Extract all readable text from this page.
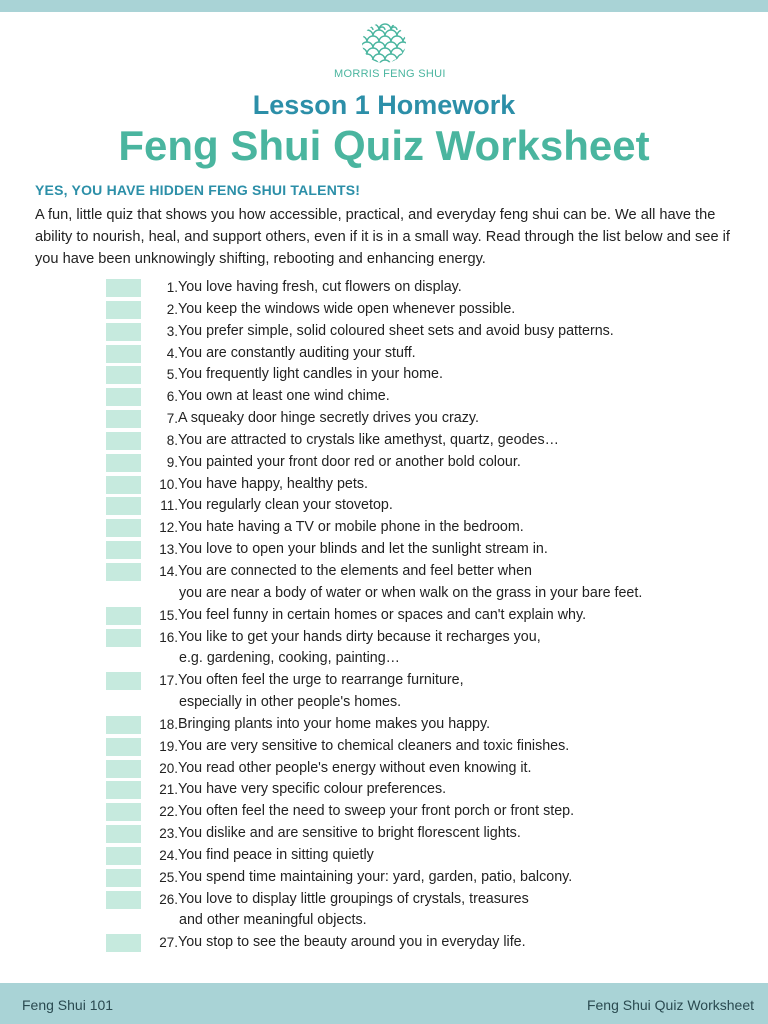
MORRIS FENG SHUI
Lesson 1 Homework
Feng Shui Quiz Worksheet
YES, YOU HAVE HIDDEN FENG SHUI TALENTS!
A fun, little quiz that shows you how accessible, practical, and everyday feng shui can be. We all have the ability to nourish, heal, and support others, even if it is in a small way. Read through the list below and see if you have been unknowingly shifting, rebooting and enhancing energy.
1. You love having fresh, cut flowers on display.
2. You keep the windows wide open whenever possible.
3. You prefer simple, solid coloured sheet sets and avoid busy patterns.
4. You are constantly auditing your stuff.
5. You frequently light candles in your home.
6. You own at least one wind chime.
7. A squeaky door hinge secretly drives you crazy.
8. You are attracted to crystals like amethyst, quartz, geodes…
9. You painted your front door red or another bold colour.
10. You have happy, healthy pets.
11. You regularly clean your stovetop.
12. You hate having a TV or mobile phone in the bedroom.
13. You love to open your blinds and let the sunlight stream in.
14. You are connected to the elements and feel better when
you are near a body of water or when walk on the grass in your bare feet.
15. You feel funny in certain homes or spaces and can't explain why.
16. You like to get your hands dirty because it recharges you,
e.g. gardening, cooking, painting…
17. You often feel the urge to rearrange furniture,
especially in other people's homes.
18. Bringing plants into your home makes you happy.
19. You are very sensitive to chemical cleaners and toxic finishes.
20. You read other people's energy without even knowing it.
21. You have very specific colour preferences.
22. You often feel the need to sweep your front porch or front step.
23. You dislike and are sensitive to bright florescent lights.
24. You find peace in sitting quietly
25. You spend time maintaining your: yard, garden, patio, balcony.
26. You love to display little groupings of crystals, treasures
and other meaningful objects.
27. You stop to see the beauty around you in everyday life.
Feng Shui 101	Feng Shui Quiz Worksheet
